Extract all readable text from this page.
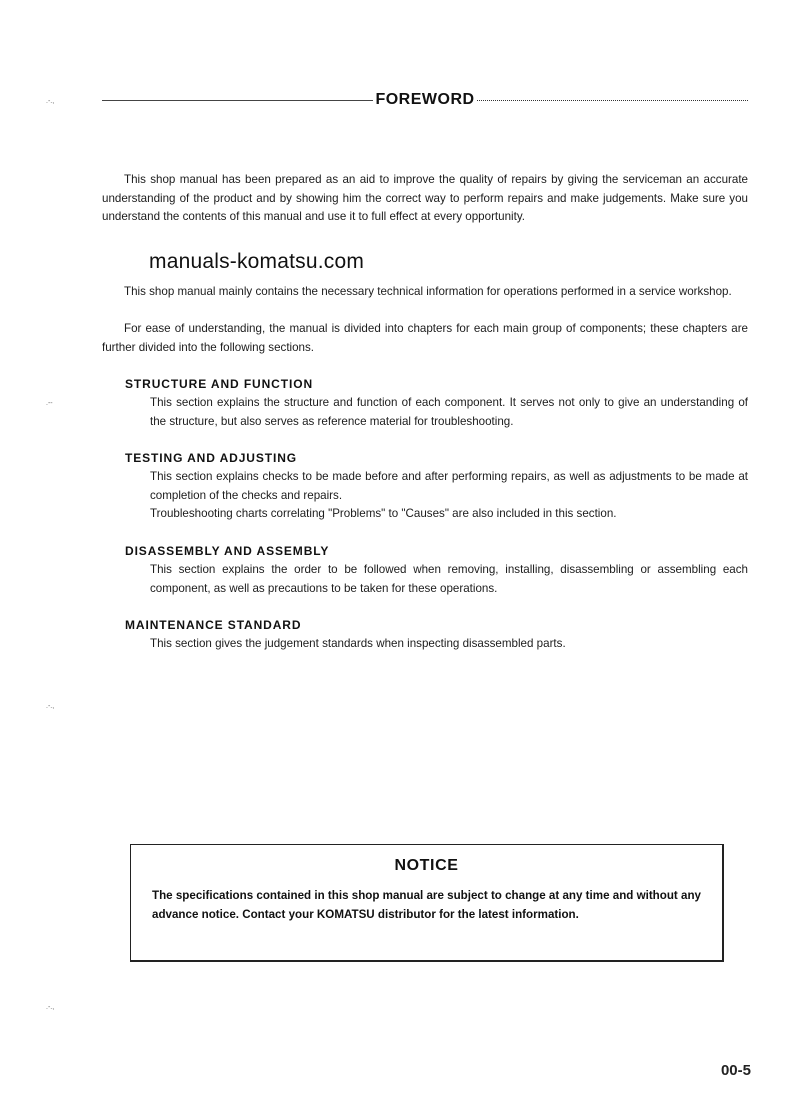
.-.,
.--
.-.,
.-.,
FOREWORD
This shop manual has been prepared as an aid to improve the quality of repairs by giving the serviceman an accurate understanding of the product and by showing him the correct way to perform repairs and make judgements. Make sure you understand the contents of this manual and use it to full effect at every opportunity.
manuals-komatsu.com
This shop manual mainly contains the necessary technical information for operations performed in a service workshop.
For ease of understanding, the manual is divided into chapters for each main group of components; these chapters are further divided into the following sections.
STRUCTURE AND FUNCTION

This section explains the structure and function of each component. It serves not only to give an understanding of the structure, but also serves as reference material for troubleshooting.

TESTING AND ADJUSTING

This section explains checks to be made before and after performing repairs, as well as adjustments to be made at completion of the checks and repairs.

Troubleshooting charts correlating "Problems" to "Causes" are also included in this section.

DISASSEMBLY AND ASSEMBLY

This section explains the order to be followed when removing, installing, disassembling or assembling each component, as well as precautions to be taken for these operations.

MAINTENANCE STANDARD

This section gives the judgement standards when inspecting disassembled parts.

NOTICE
The specifications contained in this shop manual are subject to change at any time and without any advance notice. Contact your KOMATSU distributor for the latest information.
00-5
